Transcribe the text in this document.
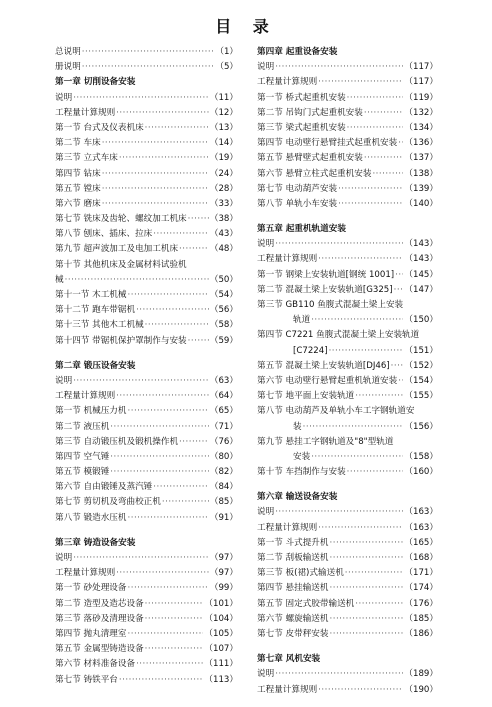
目 录
总说明 ·····	（1）
册说明 ·····	（5）
第一章 切削设备安装
说明 ·····	（11）
工程量计算规则 ·····	（12）
第一节 台式及仪表机床 ·····	（13）
第二节 车床 ·····	（14）
第三节 立式车床 ·····	（19）
第四节 钻床 ·····	（24）
第五节 镗床 ·····	（28）
第六节 磨床 ·····	（33）
第七节 铣床及齿轮、螺纹加工机床 ·····	（38）
第八节 刨床、插床、拉床 ·····	（43）
第九节 超声波加工及电加工机床 ·····	（48）
第十节 其他机床及金属材料试验机
械 ·····	（50）
第十一节 木工机械 ·····	（54）
第十二节 跑车带锯机 ·····	（56）
第十三节 其他木工机械 ·····	（58）
第十四节 带锯机保护罩制作与安装 ·····	（59）
第二章 锻压设备安装
说明 ·····	（63）
工程量计算规则 ·····	（64）
第一节 机械压力机 ·····	（65）
第二节 液压机 ·····	（71）
第三节 自动锻压机及锻机操作机 ·····	（76）
第四节 空气锤 ·····	（80）
第五节 模锻锤 ·····	（82）
第六节 自由锻锤及蒸汽锤 ·····	（84）
第七节 剪切机及弯曲校正机 ·····	（85）
第八节 锻造水压机 ·····	（91）
第三章 铸造设备安装
说明 ·····	（97）
工程量计算规则 ·····	（97）
第一节 砂处理设备 ·····	（99）
第二节 造型及造芯设备 ·····	（101）
第三节 落砂及清理设备 ·····	（104）
第四节 抛丸清理室 ·····	（105）
第五节 金属型铸造设备 ·····	（107）
第六节 材料准备设备 ·····	（111）
第七节 铸铁平台 ·····	（113）
第四章 起重设备安装
说明 ·····	（117）
工程量计算规则 ·····	（117）
第一节 桥式起重机安装 ·····	（119）
第二节 吊钩门式起重机安装 ·····	（132）
第三节 梁式起重机安装 ·····	（134）
第四节 电动壁行悬臂挂式起重机安装 ····· （136）
第五节 悬臂壁式起重机安装 ·····	（137）
第六节 悬臂立柱式起重机安装 ·····	（138）
第七节 电动葫芦安装 ·····	（139）
第八节 单轨小车安装 ·····	（140）
第五章 起重机轨道安装
说明 ·····	（143）
工程量计算规则 ·····	（143）
第一节 钢梁上安装轨道[钢统 1001] ····· （145）
第二节 混凝土梁上安装轨道[G325] ····· （147）
第三节 GB110 鱼腹式混凝土梁上安装
轨道 ·····	（150）
第四节 C7221 鱼腹式混凝土梁上安装轨道
[C7224] ·····	（151）
第五节 混凝土梁上安装轨道[DJ46] ····· （152）
第六节 电动壁行悬臂起重机轨道安装 ····· （154）
第七节 地平面上安装轨道 ·····	（155）
第八节 电动葫芦及单轨小车工字钢轨道安
装 ·····	（156）
第九节 悬挂工字钢轨道及"8"型轨道
安装 ·····	（158）
第十节 车挡制作与安装 ·····	（160）
第六章 输送设备安装
说明 ·····	（163）
工程量计算规则 ·····	（163）
第一节 斗式提升机 ·····	（165）
第二节 刮板输送机 ·····	（168）
第三节 板(裙)式输送机 ·····	（171）
第四节 悬挂输送机 ·····	（174）
第五节 固定式胶带输送机 ·····	（176）
第六节 螺旋输送机 ·····	（185）
第七节 皮带秤安装 ·····	（186）
第七章 风机安装
说明 ·····	（189）
工程量计算规则 ·····	（190）
